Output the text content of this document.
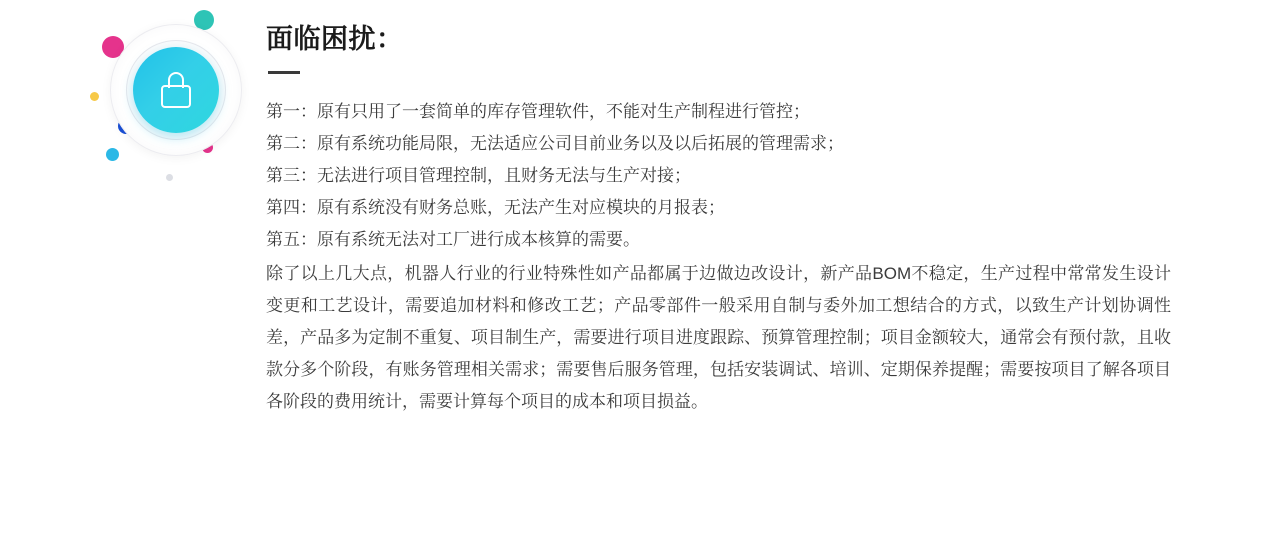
面临困扰：
第一：原有只用了一套简单的库存管理软件，不能对生产制程进行管控；
第二：原有系统功能局限，无法适应公司目前业务以及以后拓展的管理需求；
第三：无法进行项目管理控制，且财务无法与生产对接；
第四：原有系统没有财务总账，无法产生对应模块的月报表；
第五：原有系统无法对工厂进行成本核算的需要。

除了以上几大点，机器人行业的行业特殊性如产品都属于边做边改设计，新产品BOM不稳定，生产过程中常常发生设计变更和工艺设计，需要追加材料和修改工艺；产品零部件一般采用自制与委外加工想结合的方式，以致生产计划协调性差，产品多为定制不重复、项目制生产，需要进行项目进度跟踪、预算管理控制；项目金额较大，通常会有预付款，且收款分多个阶段，有账务管理相关需求；需要售后服务管理，包括安装调试、培训、定期保养提醒；需要按项目了解各项目各阶段的费用统计，需要计算每个项目的成本和项目损益。
